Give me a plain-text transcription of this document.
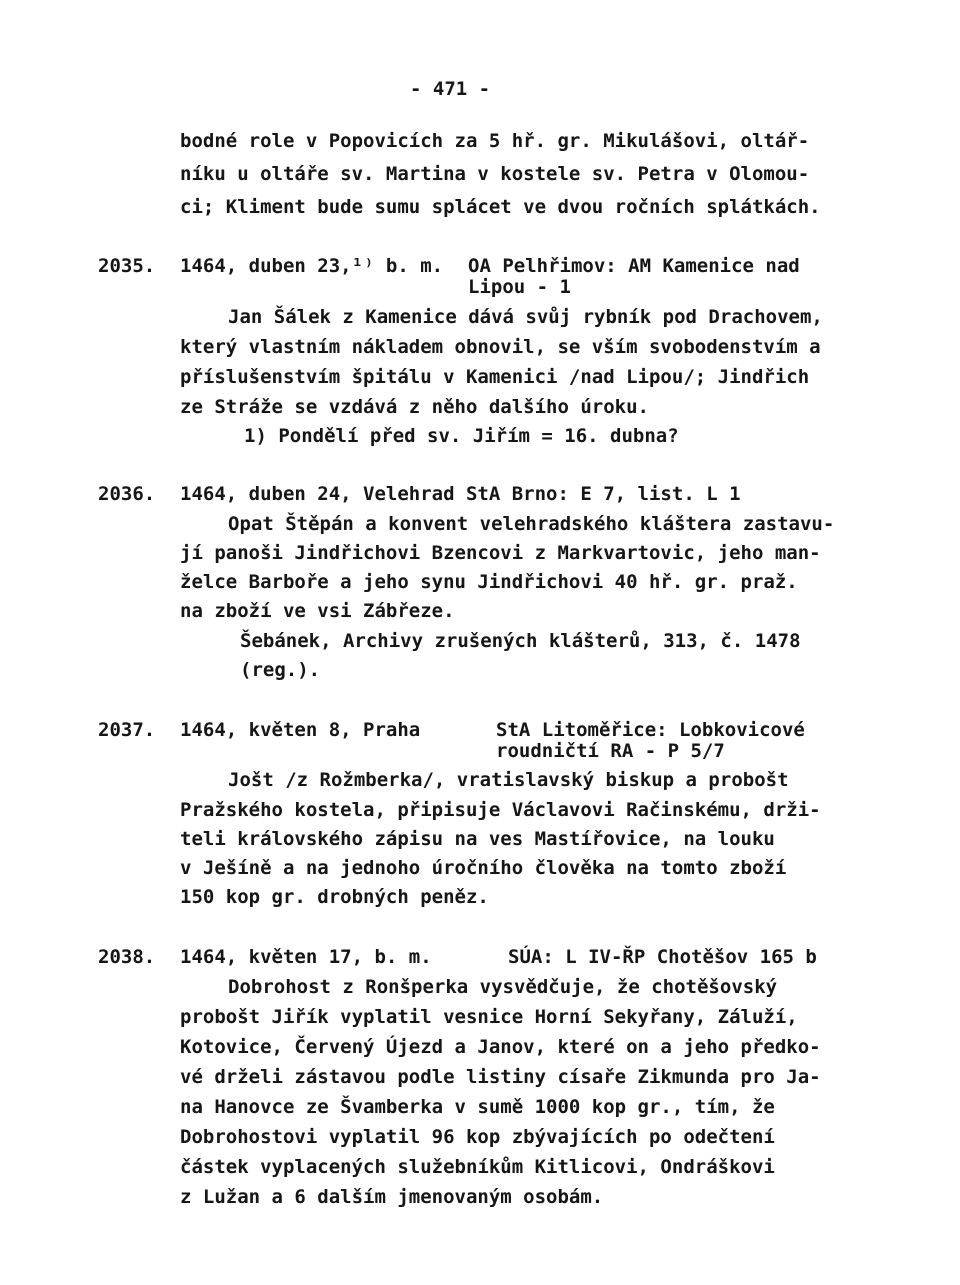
- 471 -
bodné role v Popovicích za 5 hř. gr. Mikulášovi, oltář-
níku u oltáře sv. Martina v kostele sv. Petra v Olomou-
ci; Kliment bude sumu splácet ve dvou ročních splátkách.
2035. 1464, duben 23,¹⁾ b. m. OA Pelhřimov: AM Kamenice nad
Lipou - 1
Jan Šálek z Kamenice dává svůj rybník pod Drachovem,
který vlastním nákladem obnovil, se vším svobodenstvím a
příslušenstvím špitálu v Kamenici /nad Lipou/; Jindřich
ze Stráže se vzdává z něho dalšího úroku.
1) Pondělí před sv. Jiřím = 16. dubna?
2036. 1464, duben 24, Velehrad StA Brno: E 7, list. L 1
Opat Štěpán a konvent velehradského kláštera zastavu-
jí panoši Jindřichovi Bzencovi z Markvartovic, jeho man-
želce Barboře a jeho synu Jindřichovi 40 hř. gr. praž.
na zboží ve vsi Zábřeze.
Šebánek, Archivy zrušených klášterů, 313, č. 1478
(reg.).
2037. 1464, květen 8, Praha	StA Litoměřice: Lobkovicové
roudničtí RA - P 5/7
Jošt /z Rožmberka/, vratislavský biskup a probošt
Pražského kostela, připisuje Václavovi Račinskému, drži-
teli královského zápisu na ves Mastířovice, na louku
v Ješíně a na jednoho úročního člověka na tomto zboží
150 kop gr. drobných peněz.
2038. 1464, květen 17, b. m.	SÚA: L IV-ŘP Chotěšov 165 b
Dobrohost z Ronšperka vysvědčuje, že chotěšovský
probošt Jiřík vyplatil vesnice Horní Sekyřany, Záluží,
Kotovice, Červený Újezd a Janov, které on a jeho předko-
vé drželi zástavou podle listiny císaře Zikmunda pro Ja-
na Hanovce ze Švamberka v sumě 1000 kop gr., tím, že
Dobrohostovi vyplatil 96 kop zbývajících po odečtení
částek vyplacených služebníkům Kitlicovi, Ondráškovi
z Lužan a 6 dalším jmenovaným osobám.
